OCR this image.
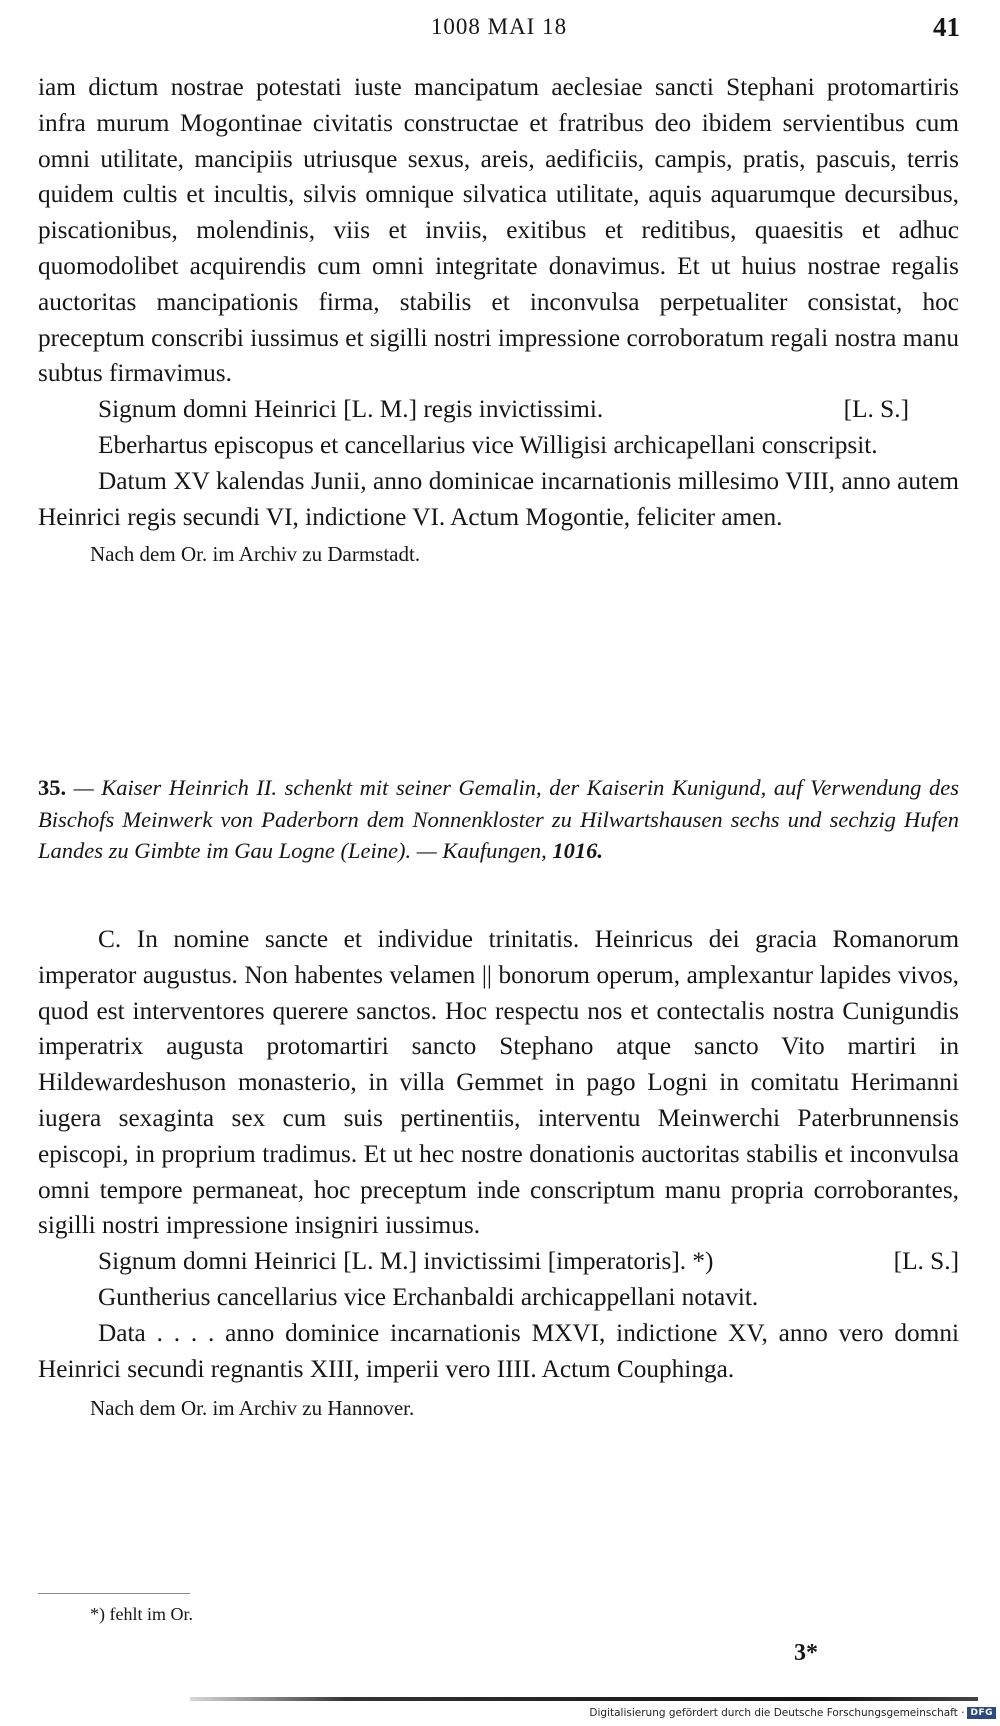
1008 MAI 18	41

iam dictum nostrae potestati iuste mancipatum aeclesiae sancti Stephani protomartiris infra murum Mogontinae civitatis constructae et fratribus deo ibidem servientibus cum omni utilitate, mancipiis utriusque sexus, areis, aedificiis, campis, pratis, pascuis, terris quidem cultis et incultis, silvis omnique silvatica utilitate, aquis aquarumque decursibus, piscationibus, molendinis, viis et inviis, exitibus et reditibus, quaesitis et adhuc quomodolibet acquirendis cum omni integritate donavimus. Et ut huius nostrae regalis auctoritas mancipationis firma, stabilis et inconvulsa perpetualiter consistat, hoc preceptum conscribi iussimus et sigilli nostri impressione corroboratum regali nostra manu subtus firmavimus.

Signum domni Heinrici [L. M.] regis invictissimi.	[L. S.]

Eberhartus episcopus et cancellarius vice Willigisi archicapellani conscripsit.

Datum XV kalendas Junii, anno dominicae incarnationis millesimo VIII, anno autem Heinrici regis secundi VI, indictione VI. Actum Mogontie, feliciter amen.

Nach dem Or. im Archiv zu Darmstadt.

35. — Kaiser Heinrich II. schenkt mit seiner Gemalin, der Kaiserin Kunigund, auf Verwendung des Bischofs Meinwerk von Paderborn dem Nonnenkloster zu Hilwartshausen sechs und sechzig Hufen Landes zu Gimbte im Gau Logne (Leine). — Kaufungen, 1016.

C. In nomine sancte et individue trinitatis. Heinricus dei gracia Romanorum imperator augustus. Non habentes velamen || bonorum operum, amplexantur lapides vivos, quod est interventores querere sanctos. Hoc respectu nos et contectalis nostra Cunigundis imperatrix augusta protomartiri sancto Stephano atque sancto Vito martiri in Hildewardeshuson monasterio, in villa Gemmet in pago Logni in comitatu Herimanni iugera sexaginta sex cum suis pertinentiis, interventu Meinwerchi Paterbrunnensis episcopi, in proprium tradimus. Et ut hec nostre donationis auctoritas stabilis et inconvulsa omni tempore permaneat, hoc preceptum inde conscriptum manu propria corroborantes, sigilli nostri impressione insigniri iussimus.

Signum domni Heinrici [L. M.] invictissimi [imperatoris]. *)	[L. S.]

Guntherius cancellarius vice Erchanbaldi archicappellani notavit.

Data . . . . anno dominice incarnationis MXVI, indictione XV, anno vero domni Heinrici secundi regnantis XIII, imperii vero IIII. Actum Couphinga.

Nach dem Or. im Archiv zu Hannover.

*) fehlt im Or.
3*
Digitalisierung gefördert durch die Deutsche Forschungsgemeinschaft · DFG
